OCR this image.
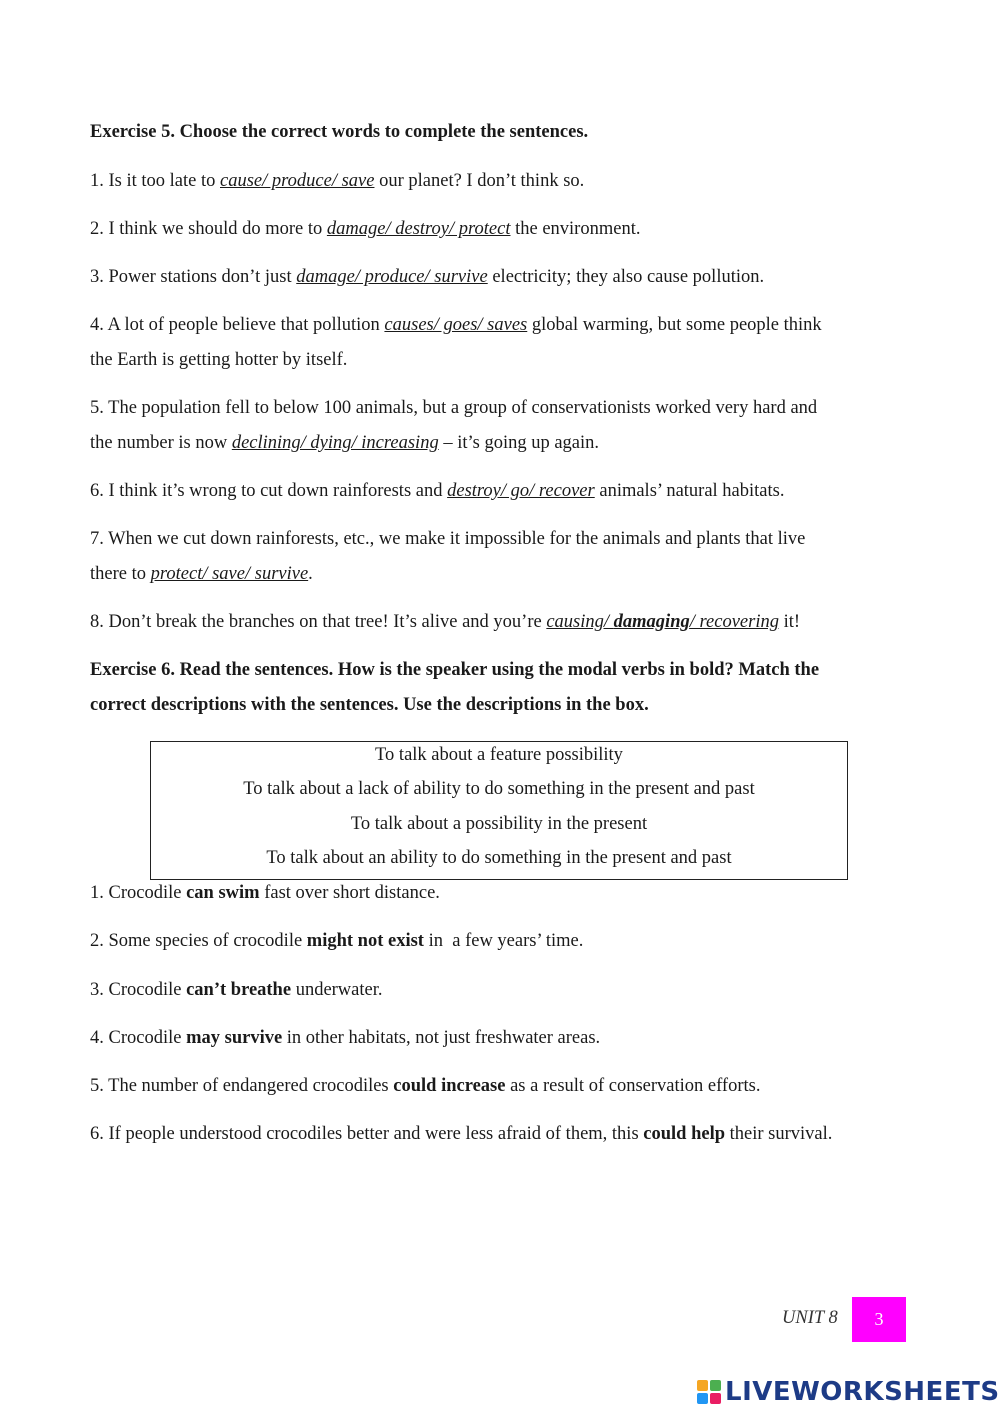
Exercise 5. Choose the correct words to complete the sentences.
1. Is it too late to cause/ produce/ save our planet? I don’t think so.
2. I think we should do more to damage/ destroy/ protect the environment.
3. Power stations don’t just damage/ produce/ survive electricity; they also cause pollution.
4. A lot of people believe that pollution causes/ goes/ saves global warming, but some people think
the Earth is getting hotter by itself.
5. The population fell to below 100 animals, but a group of conservationists worked very hard and
the number is now declining/ dying/ increasing – it’s going up again.
6. I think it’s wrong to cut down rainforests and destroy/ go/ recover animals’ natural habitats.
7. When we cut down rainforests, etc., we make it impossible for the animals and plants that live
there to protect/ save/ survive.
8. Don’t break the branches on that tree! It’s alive and you’re causing/ damaging/ recovering it!
Exercise 6. Read the sentences. How is the speaker using the modal verbs in bold? Match the
correct descriptions with the sentences. Use the descriptions in the box.
To talk about a feature possibility
To talk about a lack of ability to do something in the present and past
To talk about a possibility in the present
To talk about an ability to do something in the present and past
1. Crocodile can swim fast over short distance.
2. Some species of crocodile might not exist in  a few years’ time.
3. Crocodile can’t breathe underwater.
4. Crocodile may survive in other habitats, not just freshwater areas.
5. The number of endangered crocodiles could increase as a result of conservation efforts.
6. If people understood crocodiles better and were less afraid of them, this could help their survival.
UNIT 8	3
LIVEWORKSHEETS
